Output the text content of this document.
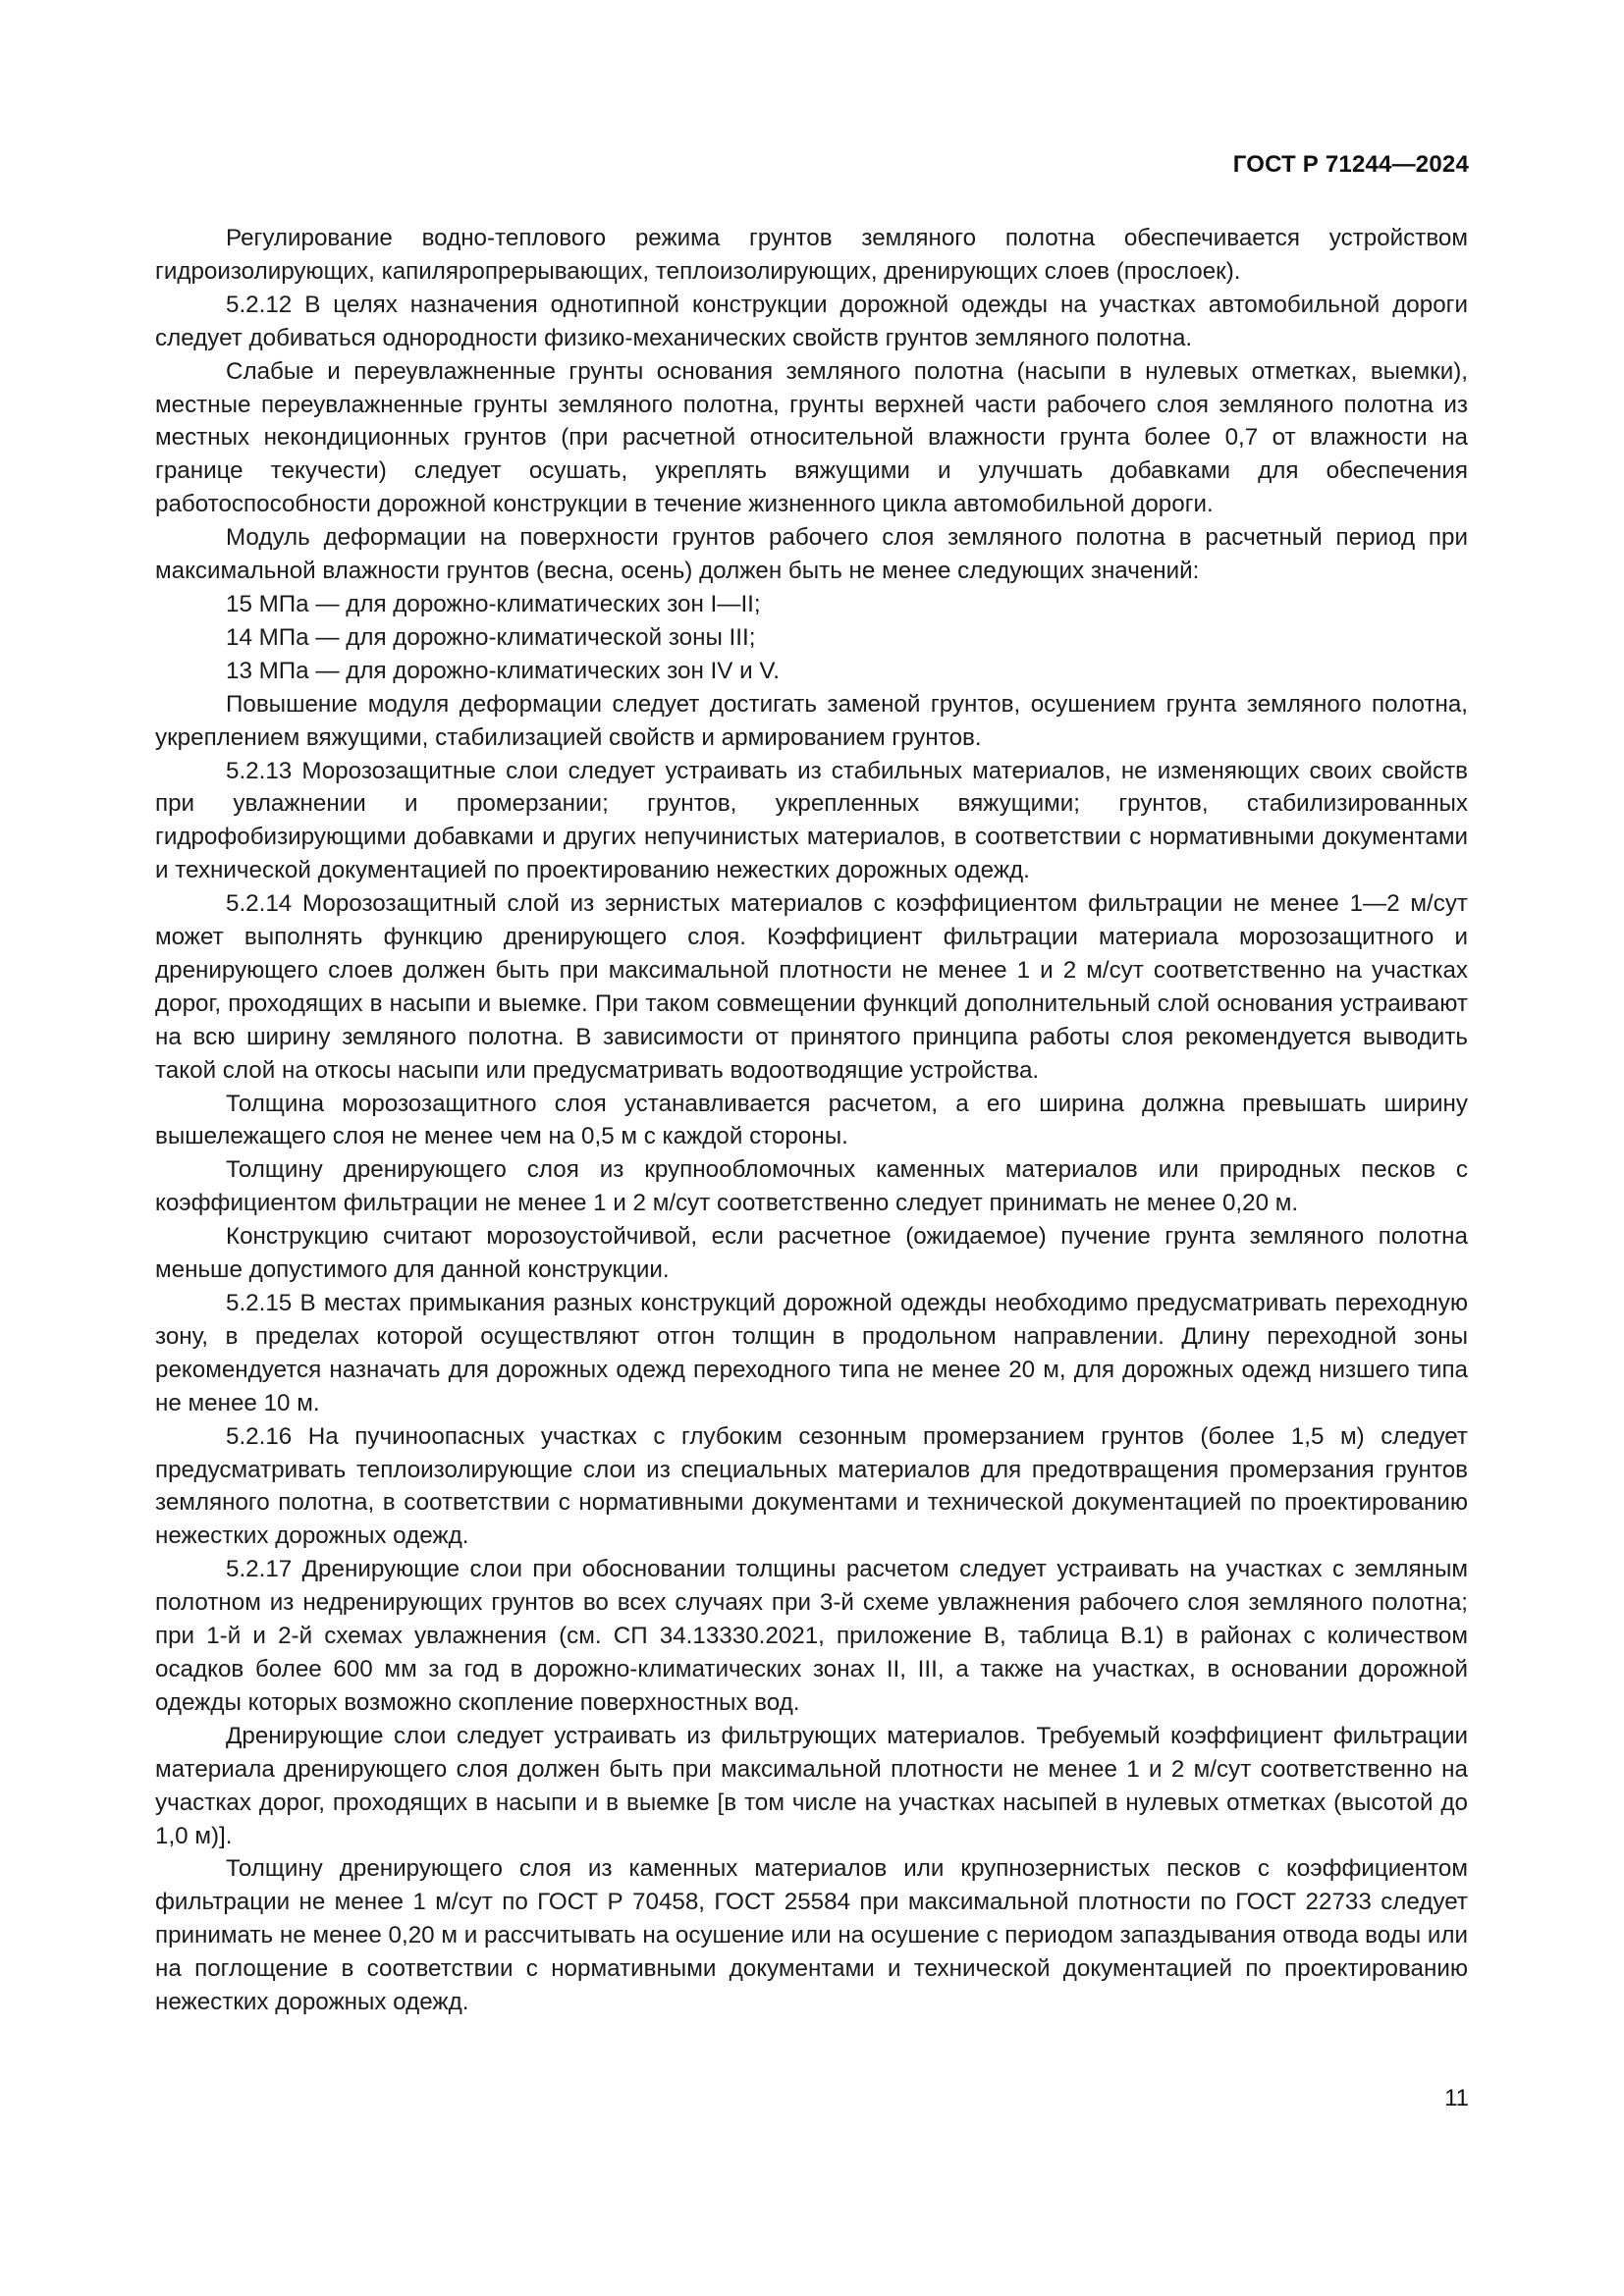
ГОСТ Р 71244—2024

Регулирование водно-теплового режима грунтов земляного полотна обеспечивается устройством гидроизолирующих, капиляропрерывающих, теплоизолирующих, дренирующих слоев (прослоек).

5.2.12 В целях назначения однотипной конструкции дорожной одежды на участках автомобильной дороги следует добиваться однородности физико-механических свойств грунтов земляного полотна.

Слабые и переувлажненные грунты основания земляного полотна (насыпи в нулевых отметках, выемки), местные переувлажненные грунты земляного полотна, грунты верхней части рабочего слоя земляного полотна из местных некондиционных грунтов (при расчетной относительной влажности грунта более 0,7 от влажности на границе текучести) следует осушать, укреплять вяжущими и улучшать добавками для обеспечения работоспособности дорожной конструкции в течение жизненного цикла автомобильной дороги.

Модуль деформации на поверхности грунтов рабочего слоя земляного полотна в расчетный период при максимальной влажности грунтов (весна, осень) должен быть не менее следующих значений:

15 МПа — для дорожно-климатических зон I—II;

14 МПа — для дорожно-климатической зоны III;

13 МПа — для дорожно-климатических зон IV и V.

Повышение модуля деформации следует достигать заменой грунтов, осушением грунта земляного полотна, укреплением вяжущими, стабилизацией свойств и армированием грунтов.

5.2.13 Морозозащитные слои следует устраивать из стабильных материалов, не изменяющих своих свойств при увлажнении и промерзании; грунтов, укрепленных вяжущими; грунтов, стабилизированных гидрофобизирующими добавками и других непучинистых материалов, в соответствии с нормативными документами и технической документацией по проектированию нежестких дорожных одежд.

5.2.14 Морозозащитный слой из зернистых материалов с коэффициентом фильтрации не менее 1—2 м/сут может выполнять функцию дренирующего слоя. Коэффициент фильтрации материала морозозащитного и дренирующего слоев должен быть при максимальной плотности не менее 1 и 2 м/сут соответственно на участках дорог, проходящих в насыпи и выемке. При таком совмещении функций дополнительный слой основания устраивают на всю ширину земляного полотна. В зависимости от принятого принципа работы слоя рекомендуется выводить такой слой на откосы насыпи или предусматривать водоотводящие устройства.

Толщина морозозащитного слоя устанавливается расчетом, а его ширина должна превышать ширину вышележащего слоя не менее чем на 0,5 м с каждой стороны.

Толщину дренирующего слоя из крупнообломочных каменных материалов или природных песков с коэффициентом фильтрации не менее 1 и 2 м/сут соответственно следует принимать не менее 0,20 м.

Конструкцию считают морозоустойчивой, если расчетное (ожидаемое) пучение грунта земляного полотна меньше допустимого для данной конструкции.

5.2.15 В местах примыкания разных конструкций дорожной одежды необходимо предусматривать переходную зону, в пределах которой осуществляют отгон толщин в продольном направлении. Длину переходной зоны рекомендуется назначать для дорожных одежд переходного типа не менее 20 м, для дорожных одежд низшего типа не менее 10 м.

5.2.16 На пучиноопасных участках с глубоким сезонным промерзанием грунтов (более 1,5 м) следует предусматривать теплоизолирующие слои из специальных материалов для предотвращения промерзания грунтов земляного полотна, в соответствии с нормативными документами и технической документацией по проектированию нежестких дорожных одежд.

5.2.17 Дренирующие слои при обосновании толщины расчетом следует устраивать на участках с земляным полотном из недренирующих грунтов во всех случаях при 3-й схеме увлажнения рабочего слоя земляного полотна; при 1-й и 2-й схемах увлажнения (см. СП 34.13330.2021, приложение В, таблица В.1) в районах с количеством осадков более 600 мм за год в дорожно-климатических зонах II, III, а также на участках, в основании дорожной одежды которых возможно скопление поверхностных вод.

Дренирующие слои следует устраивать из фильтрующих материалов. Требуемый коэффициент фильтрации материала дренирующего слоя должен быть при максимальной плотности не менее 1 и 2 м/сут соответственно на участках дорог, проходящих в насыпи и в выемке [в том числе на участках насыпей в нулевых отметках (высотой до 1,0 м)].

Толщину дренирующего слоя из каменных материалов или крупнозернистых песков с коэффициентом фильтрации не менее 1 м/сут по ГОСТ Р 70458, ГОСТ 25584 при максимальной плотности по ГОСТ 22733 следует принимать не менее 0,20 м и рассчитывать на осушение или на осушение с периодом запаздывания отвода воды или на поглощение в соответствии с нормативными документами и технической документацией по проектированию нежестких дорожных одежд.

11
